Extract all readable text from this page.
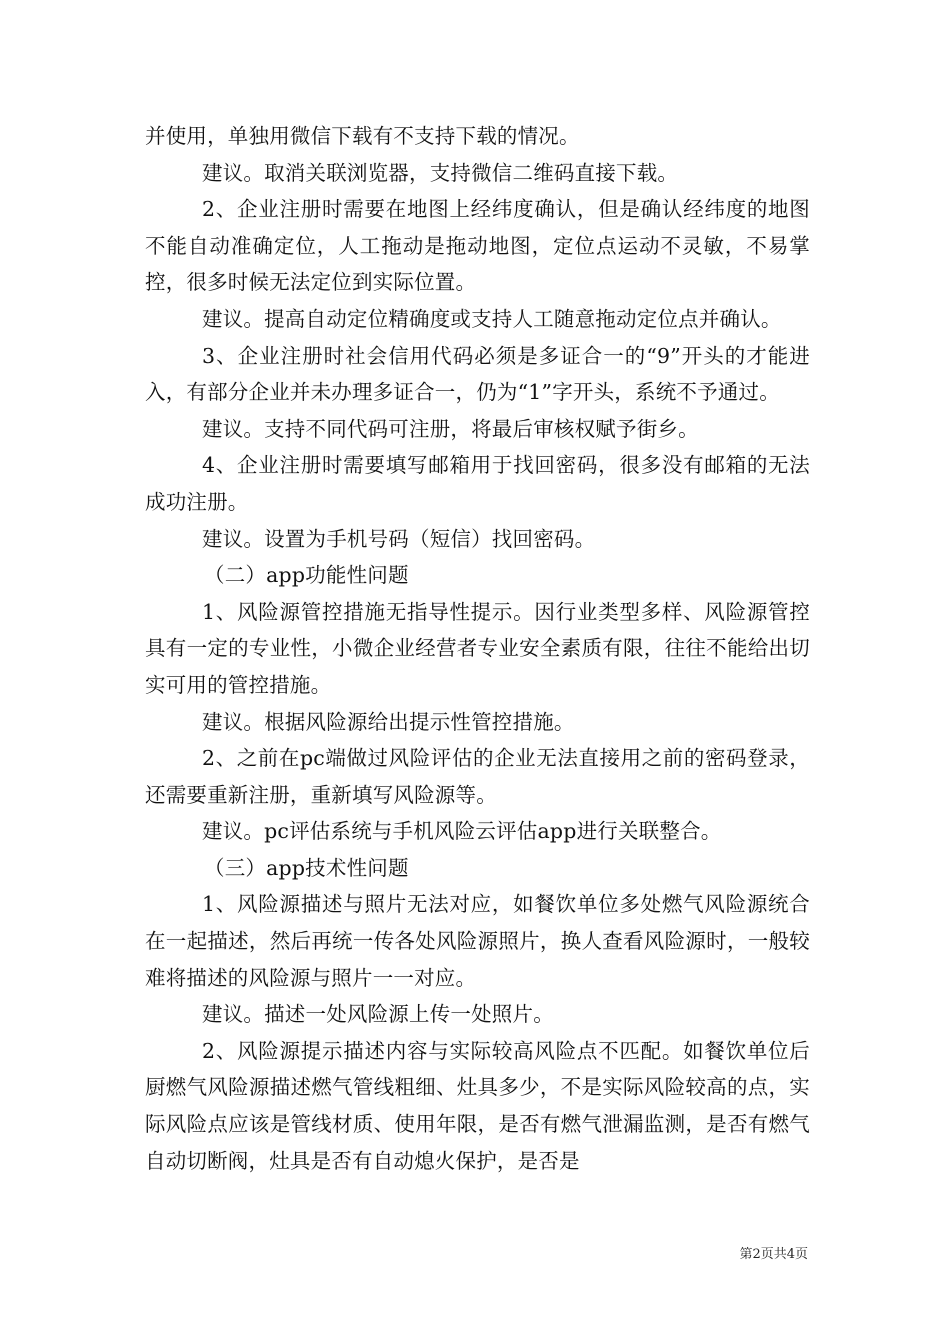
并使用，单独用微信下载有不支持下载的情况。

建议。取消关联浏览器，支持微信二维码直接下载。

2、企业注册时需要在地图上经纬度确认，但是确认经纬度的地图不能自动准确定位，人工拖动是拖动地图，定位点运动不灵敏，不易掌控，很多时候无法定位到实际位置。

建议。提高自动定位精确度或支持人工随意拖动定位点并确认。

3、企业注册时社会信用代码必须是多证合一的“9”开头的才能进入，有部分企业并未办理多证合一，仍为“1”字开头，系统不予通过。

建议。支持不同代码可注册，将最后审核权赋予街乡。

4、企业注册时需要填写邮箱用于找回密码，很多没有邮箱的无法成功注册。

建议。设置为手机号码（短信）找回密码。

（二）app功能性问题

1、风险源管控措施无指导性提示。因行业类型多样、风险源管控具有一定的专业性，小微企业经营者专业安全素质有限，往往不能给出切实可用的管控措施。

建议。根据风险源给出提示性管控措施。

2、之前在pc端做过风险评估的企业无法直接用之前的密码登录，还需要重新注册，重新填写风险源等。

建议。pc评估系统与手机风险云评估app进行关联整合。

（三）app技术性问题

1、风险源描述与照片无法对应，如餐饮单位多处燃气风险源统合在一起描述，然后再统一传各处风险源照片，换人查看风险源时，一般较难将描述的风险源与照片一一对应。

建议。描述一处风险源上传一处照片。

2、风险源提示描述内容与实际较高风险点不匹配。如餐饮单位后厨燃气风险源描述燃气管线粗细、灶具多少，不是实际风险较高的点，实际风险点应该是管线材质、使用年限，是否有燃气泄漏监测，是否有燃气自动切断阀，灶具是否有自动熄火保护，是否是

第2页共4页
